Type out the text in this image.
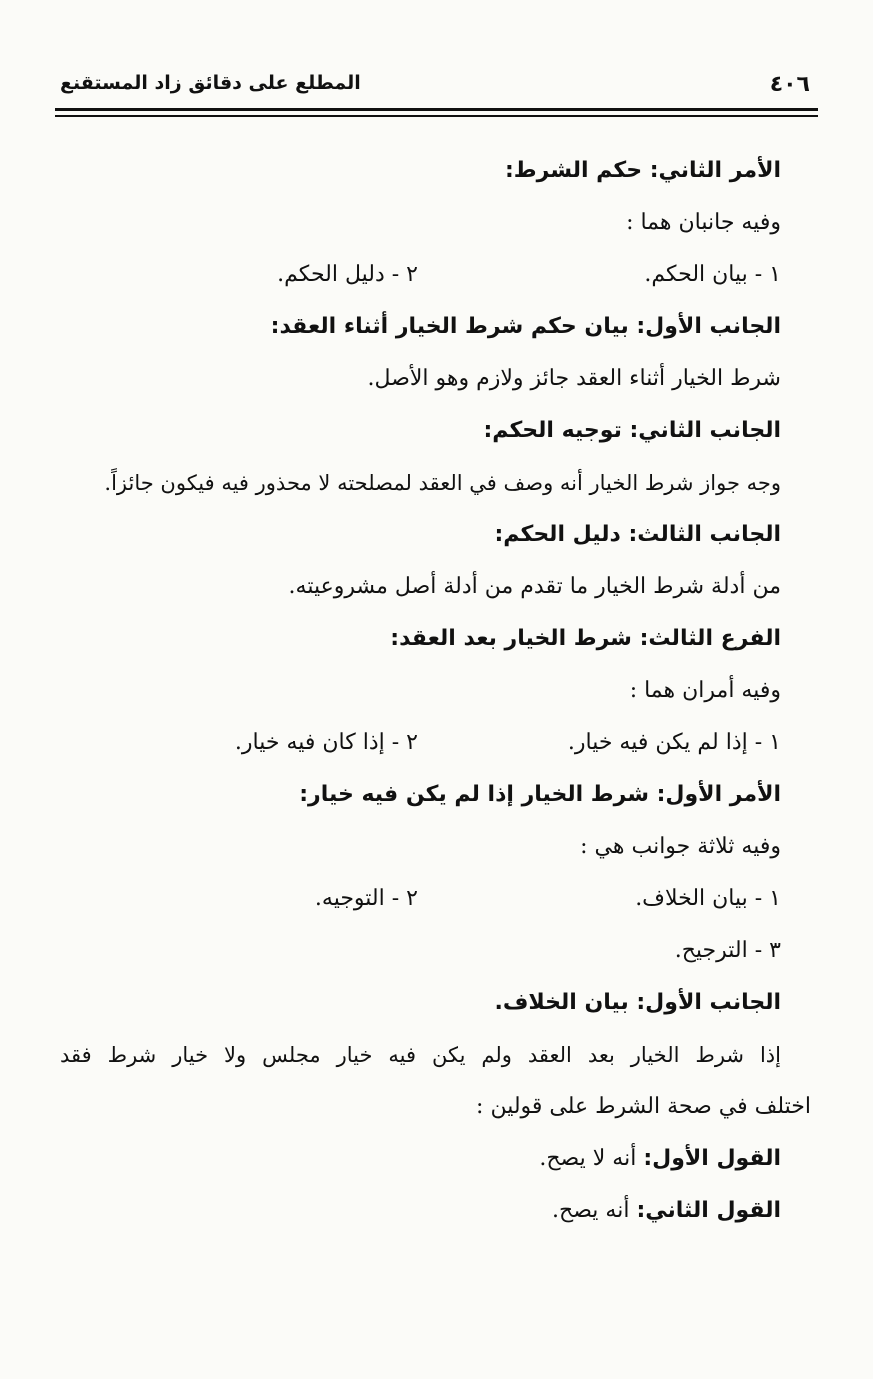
٤٠٦
المطلع على دقائق زاد المستقنع
الأمر الثاني: حكم الشرط:
وفيه جانبان هما :
١ - بيان الحكم.
٢ - دليل الحكم.
الجانب الأول: بيان حكم شرط الخيار أثناء العقد:
شرط الخيار أثناء العقد جائز ولازم وهو الأصل.
الجانب الثاني: توجيه الحكم:
وجه جواز شرط الخيار أنه وصف في العقد لمصلحته لا محذور فيه فيكون جائزاً.
الجانب الثالث: دليل الحكم:
من أدلة شرط الخيار ما تقدم من أدلة أصل مشروعيته.
الفرع الثالث: شرط الخيار بعد العقد:
وفيه أمران هما :
١ - إذا لم يكن فيه خيار.
٢ - إذا كان فيه خيار.
الأمر الأول: شرط الخيار إذا لم يكن فيه خيار:
وفيه ثلاثة جوانب هي :
١ - بيان الخلاف.
٢ - التوجيه.
٣ - الترجيح.
الجانب الأول: بيان الخلاف.
إذا شرط الخيار بعد العقد ولم يكن فيه خيار مجلس ولا خيار شرط فقد
اختلف في صحة الشرط على قولين :
القول الأول: أنه لا يصح.
القول الثاني: أنه يصح.
